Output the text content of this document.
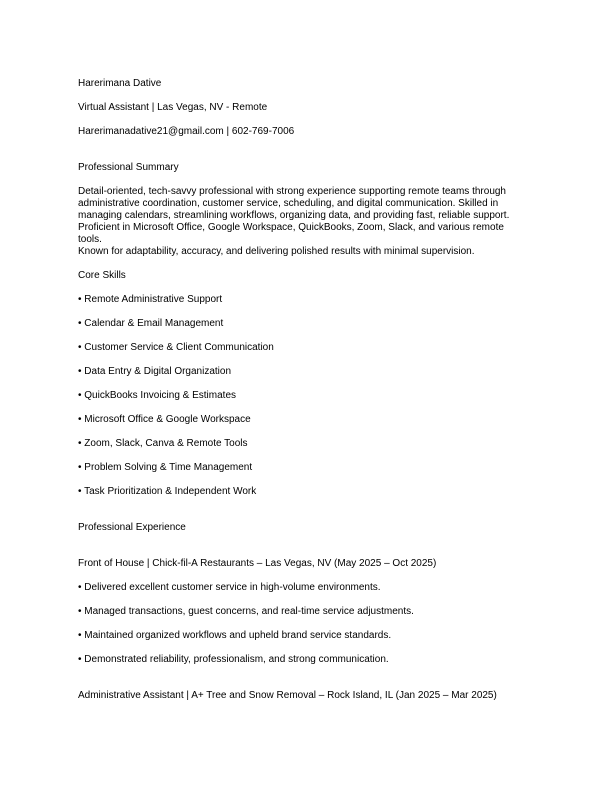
Harerimana Dative
Virtual Assistant | Las Vegas, NV - Remote
Harerimanadative21@gmail.com | 602-769-7006
Professional Summary
Detail-oriented, tech-savvy professional with strong experience supporting remote teams through
administrative coordination, customer service, scheduling, and digital communication. Skilled in
managing calendars, streamlining workflows, organizing data, and providing fast, reliable support.
Proficient in Microsoft Office, Google Workspace, QuickBooks, Zoom, Slack, and various remote tools.
Known for adaptability, accuracy, and delivering polished results with minimal supervision.
Core Skills
• Remote Administrative Support
• Calendar & Email Management
• Customer Service & Client Communication
• Data Entry & Digital Organization
• QuickBooks Invoicing & Estimates
• Microsoft Office & Google Workspace
• Zoom, Slack, Canva & Remote Tools
• Problem Solving & Time Management
• Task Prioritization & Independent Work
Professional Experience
Front of House | Chick-fil-A Restaurants – Las Vegas, NV (May 2025 – Oct 2025)
• Delivered excellent customer service in high-volume environments.
• Managed transactions, guest concerns, and real-time service adjustments.
• Maintained organized workflows and upheld brand service standards.
• Demonstrated reliability, professionalism, and strong communication.
Administrative Assistant | A+ Tree and Snow Removal – Rock Island, IL (Jan 2025 – Mar 2025)
